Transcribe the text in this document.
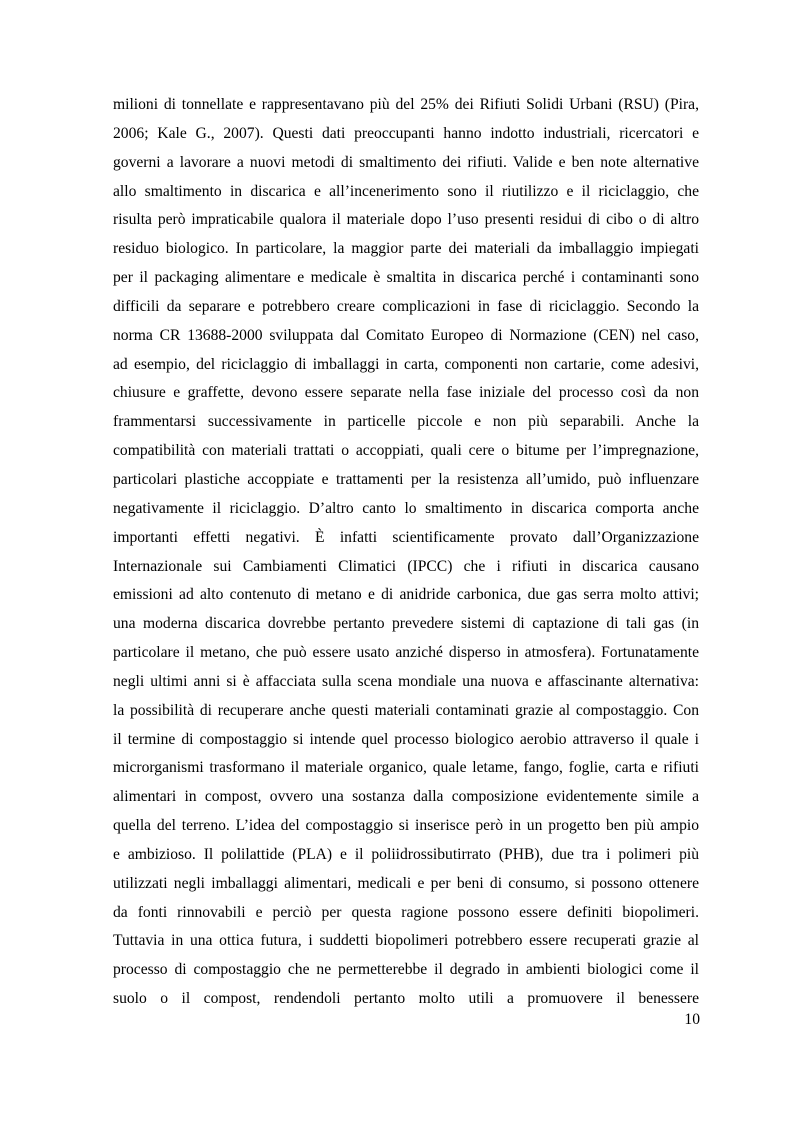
milioni di tonnellate e rappresentavano più del 25% dei Rifiuti Solidi Urbani (RSU) (Pira,
2006; Kale G., 2007). Questi dati preoccupanti hanno indotto industriali, ricercatori e
governi a lavorare a nuovi metodi di smaltimento dei rifiuti. Valide e ben note alternative
allo smaltimento in discarica e all’incenerimento sono il riutilizzo e il riciclaggio, che
risulta però impraticabile qualora il materiale dopo l’uso presenti residui di cibo o di altro
residuo biologico. In particolare, la maggior parte dei materiali da imballaggio impiegati
per il packaging alimentare e medicale è smaltita in discarica perché i contaminanti sono
difficili da separare e potrebbero creare complicazioni in fase di riciclaggio. Secondo la
norma CR 13688-2000 sviluppata dal Comitato Europeo di Normazione (CEN) nel caso,
ad esempio, del riciclaggio di imballaggi in carta, componenti non cartarie, come adesivi,
chiusure e graffette, devono essere separate nella fase iniziale del processo così da non
frammentarsi successivamente in particelle piccole e non più separabili. Anche la
compatibilità con materiali trattati o accoppiati, quali cere o bitume per l’impregnazione,
particolari plastiche accoppiate e trattamenti per la resistenza all’umido, può influenzare
negativamente il riciclaggio. D’altro canto lo smaltimento in discarica comporta anche
importanti effetti negativi. È infatti scientificamente provato dall’Organizzazione
Internazionale sui Cambiamenti Climatici (IPCC) che i rifiuti in discarica causano
emissioni ad alto contenuto di metano e di anidride carbonica, due gas serra molto attivi;
una moderna discarica dovrebbe pertanto prevedere sistemi di captazione di tali gas (in
particolare il metano, che può essere usato anziché disperso in atmosfera). Fortunatamente
negli ultimi anni si è affacciata sulla scena mondiale una nuova e affascinante alternativa:
la possibilità di recuperare anche questi materiali contaminati grazie al compostaggio. Con
il termine di compostaggio si intende quel processo biologico aerobio attraverso il quale i
microrganismi trasformano il materiale organico, quale letame, fango, foglie, carta e rifiuti
alimentari in compost, ovvero una sostanza dalla composizione evidentemente simile a
quella del terreno. L’idea del compostaggio si inserisce però in un progetto ben più ampio
e ambizioso. Il polilattide (PLA) e il poliidrossibutirrato (PHB), due tra i polimeri più
utilizzati negli imballaggi alimentari, medicali e per beni di consumo, si possono ottenere
da fonti rinnovabili e perciò per questa ragione possono essere definiti biopolimeri.
Tuttavia in una ottica futura, i suddetti biopolimeri potrebbero essere recuperati grazie al
processo di compostaggio che ne permetterebbe il degrado in ambienti biologici come il
suolo o il compost, rendendoli pertanto molto utili a promuovere il benessere
10
